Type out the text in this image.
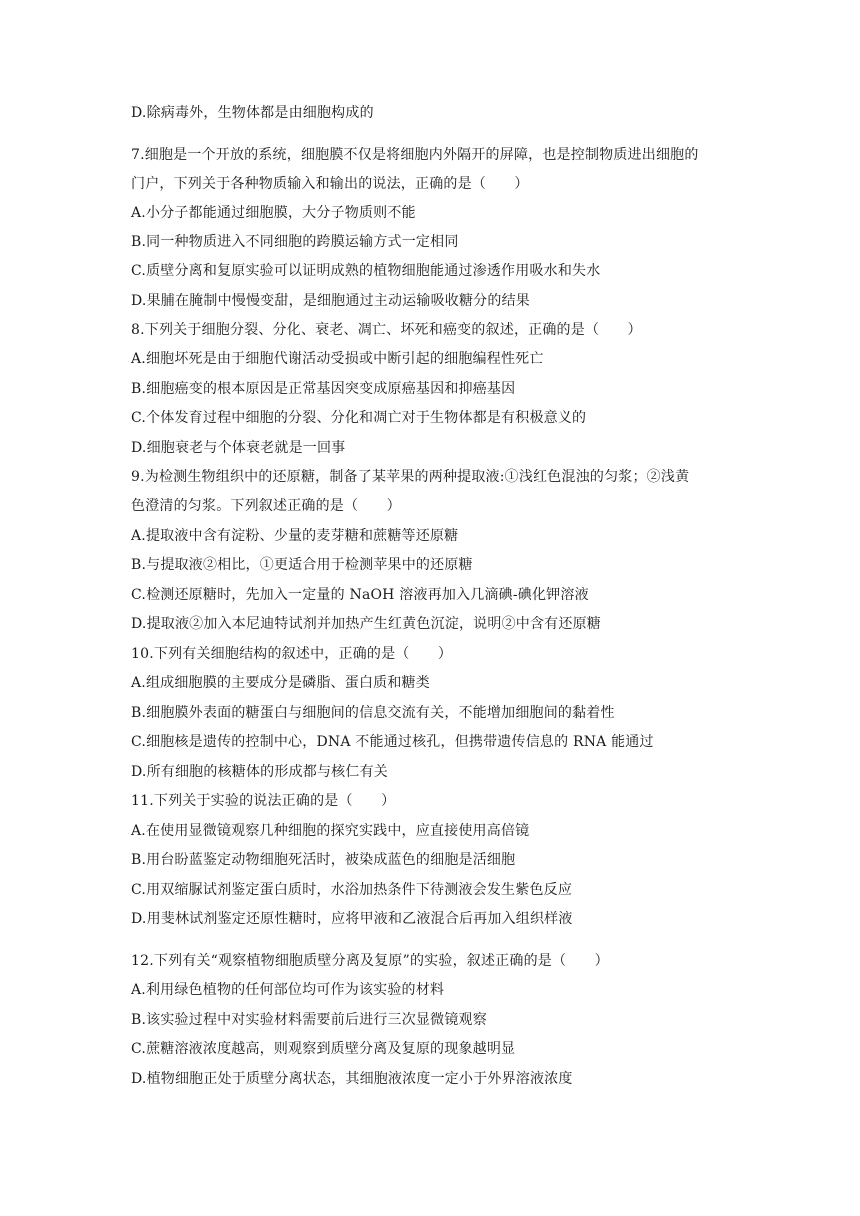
D.除病毒外，生物体都是由细胞构成的
7.细胞是一个开放的系统，细胞膜不仅是将细胞内外隔开的屏障，也是控制物质进出细胞的
门户，下列关于各种物质输入和输出的说法，正确的是（　　）
A.小分子都能通过细胞膜，大分子物质则不能
B.同一种物质进入不同细胞的跨膜运输方式一定相同
C.质壁分离和复原实验可以证明成熟的植物细胞能通过渗透作用吸水和失水
D.果脯在腌制中慢慢变甜，是细胞通过主动运输吸收糖分的结果
8.下列关于细胞分裂、分化、衰老、凋亡、坏死和癌变的叙述，正确的是（　　）
A.细胞坏死是由于细胞代谢活动受损或中断引起的细胞编程性死亡
B.细胞癌变的根本原因是正常基因突变成原癌基因和抑癌基因
C.个体发育过程中细胞的分裂、分化和凋亡对于生物体都是有积极意义的
D.细胞衰老与个体衰老就是一回事
9.为检测生物组织中的还原糖，制备了某苹果的两种提取液:①浅红色混浊的匀浆；②浅黄
色澄清的匀浆。下列叙述正确的是（　　）
A.提取液中含有淀粉、少量的麦芽糖和蔗糖等还原糖
B.与提取液②相比，①更适合用于检测苹果中的还原糖
C.检测还原糖时，先加入一定量的 NaOH 溶液再加入几滴碘-碘化钾溶液
D.提取液②加入本尼迪特试剂并加热产生红黄色沉淀，说明②中含有还原糖
10.下列有关细胞结构的叙述中，正确的是（　　）
A.组成细胞膜的主要成分是磷脂、蛋白质和糖类
B.细胞膜外表面的糖蛋白与细胞间的信息交流有关，不能增加细胞间的黏着性
C.细胞核是遗传的控制中心，DNA 不能通过核孔，但携带遗传信息的 RNA 能通过
D.所有细胞的核糖体的形成都与核仁有关
11.下列关于实验的说法正确的是（　　）
A.在使用显微镜观察几种细胞的探究实践中，应直接使用高倍镜
B.用台盼蓝鉴定动物细胞死活时，被染成蓝色的细胞是活细胞
C.用双缩脲试剂鉴定蛋白质时，水浴加热条件下待测液会发生紫色反应
D.用斐林试剂鉴定还原性糖时，应将甲液和乙液混合后再加入组织样液
12.下列有关“观察植物细胞质壁分离及复原”的实验，叙述正确的是（　　）
A.利用绿色植物的任何部位均可作为该实验的材料
B.该实验过程中对实验材料需要前后进行三次显微镜观察
C.蔗糖溶液浓度越高，则观察到质壁分离及复原的现象越明显
D.植物细胞正处于质壁分离状态，其细胞液浓度一定小于外界溶液浓度
